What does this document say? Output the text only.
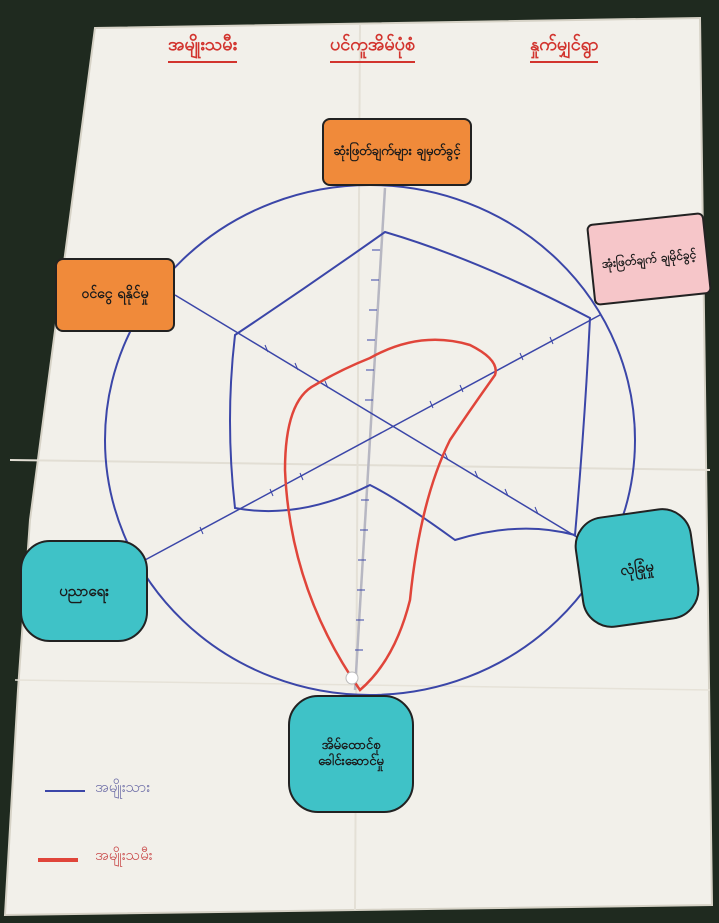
အမျိုးသမီး	ပင်ကူအိမ်ပုံစံ	နှုက်မျှင်ရွာ
ဆုံးဖြတ်ချက်များ ချမှတ်ခွင့်
အုံးဖြတ်ချက် ချမိုင်ခွင့်
ဝင်ငွေ ရနိုင်မှု
ပညာရေး
လုံခြုံမှု
အိမ်ထောင်စု ခေါင်းဆောင်မှု
အမျိုးသား
အမျိုးသမီး
